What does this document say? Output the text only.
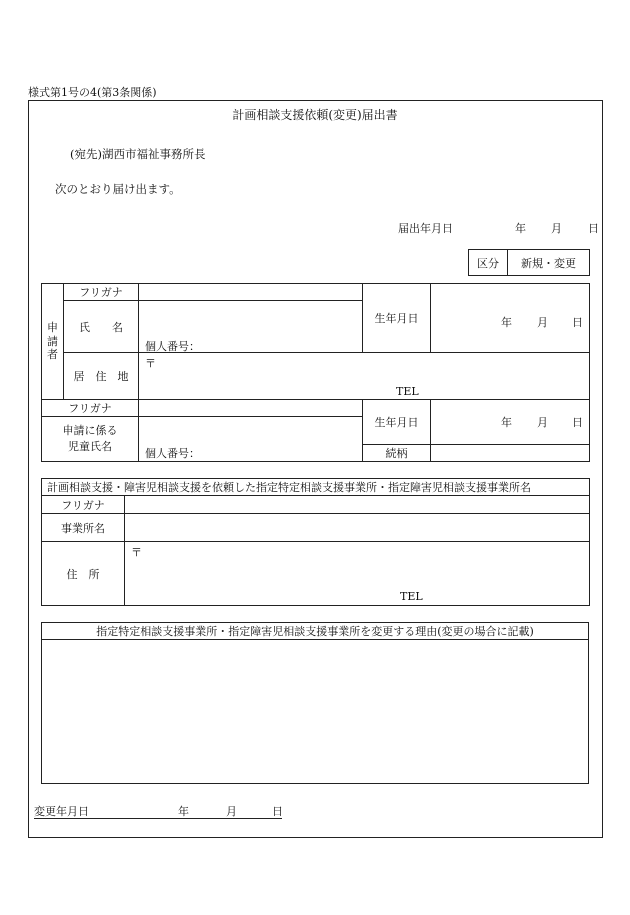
様式第1号の4(第3条関係)
計画相談支援依頼(変更)届出書
(宛先)湖西市福祉事務所長
次のとおり届け出ます。
届出年月日	年 月 日
区分	新規・変更
申請者	フリガナ		生年月日	年 月 日	

	氏　　名	個人番号：			

	居　住　地	〒
TEL			

フリガナ			生年月日	年 月 日	

申請に係る
児童氏名		個人番号：			

			続柄		
計画相談支援・障害児相談支援を依頼した指定特定相談支援事業所・指定障害児相談支援事業所名	
フリガナ	
事業所名	
住　所	〒
TEL
指定特定相談支援事業所・指定障害児相談支援事業所を変更する理由(変更の場合に記載)

変更年月日	年	月	日
